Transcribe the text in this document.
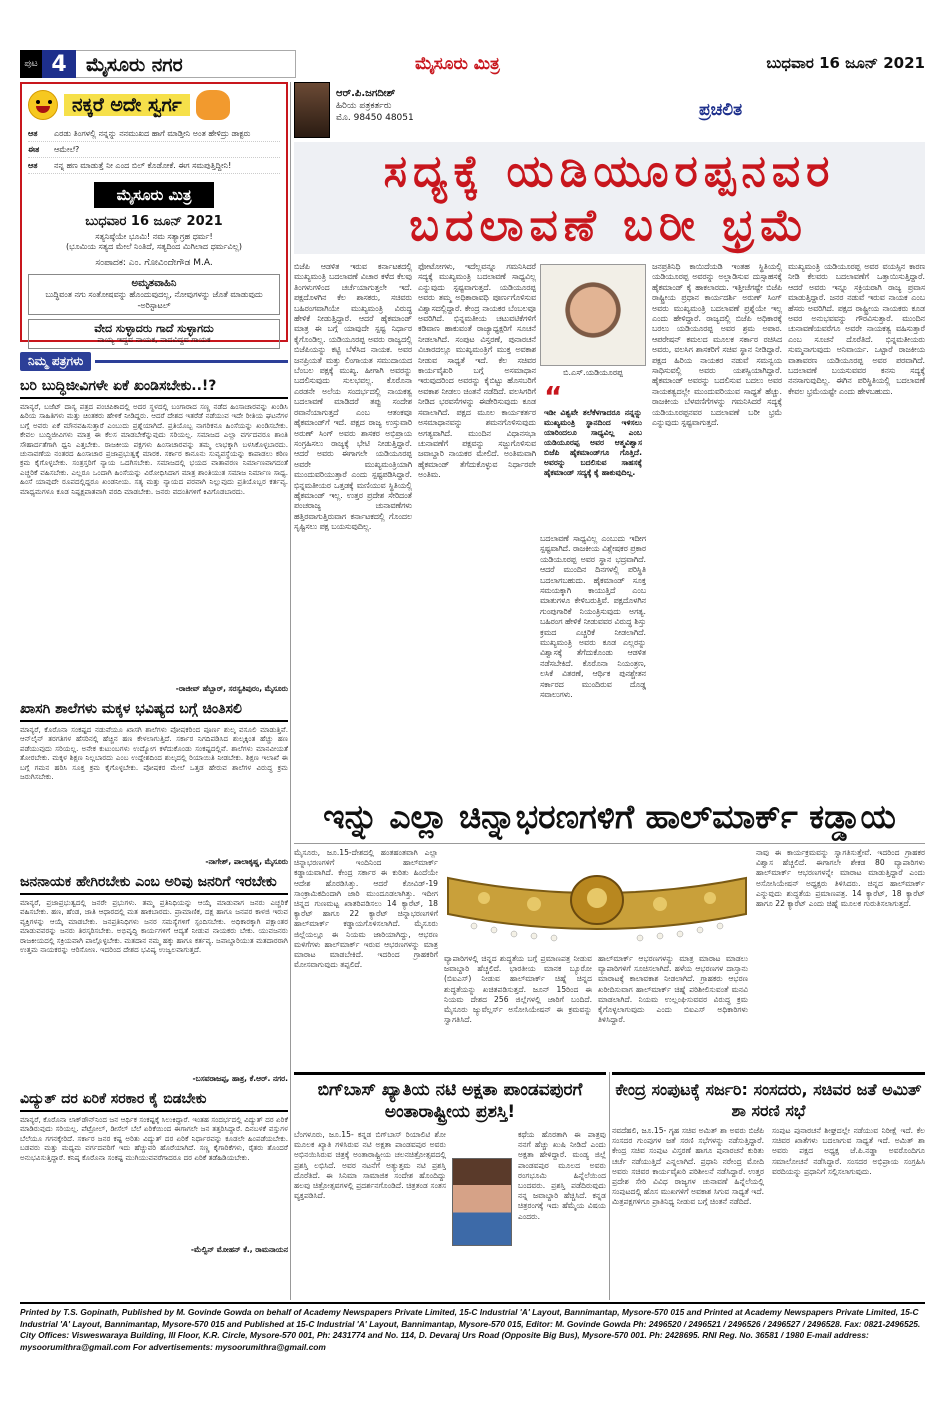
ಪುಟ 4	ಮೈಸೂರು ನಗರ	ಮೈಸೂರು ಮಿತ್ರ	ಬುಧವಾರ 16 ಜೂನ್ 2021
ನಕ್ಕರೆ ಅದೇ ಸ್ವರ್ಗ
ಆತ	ಎರಡು ತಿಂಗಳಲ್ಲಿ ನನ್ನನ್ನು ನನಮುಖದ ಹಾಗೆ ಮಾಡ್ತೀನಿ ಅಂತ ಹೇಳಿದ್ರು ಡಾಕ್ಟರು
ಈತ	ಆಮೇಲೆ?
ಆತ	ನನ್ನ ಹಣ ಮಾಡುತ್ತೆ ನೀ ಎಂದ ಬಿಲ್ ಕೊಡೋಕೆ. ಈಗ ಸಮಪುತ್ತಿದ್ದೀನಿ!
ಮೈಸೂರು ಮಿತ್ರ
ಬುಧವಾರ 16 ಜೂನ್ 2021
ಸತ್ಯನಿಷ್ಠೆಯೇ ಭೂಮಿ! ನಮ ಸತ್ಯಾಗ್ರಹ ಧರ್ಮ!
(ಭೂಮಿಯ ಸತ್ಯದ ಮೇಲೆ ನಿಂತಿದೆ, ಸತ್ಯದಿಂದ ಮಿಗಿಲಾದ ಧರ್ಮವಿಲ್ಲ)
ಸಂಪಾದಕ: ಎಂ. ಗೋವಿಂದೇಗೌಡ M.A.
ಅಮೃತವಾಹಿನಿ
ಬುದ್ಧಿವಂತ ನಗು ಸಂತೋಷವನ್ನು ಹೊಂದುವುದಲ್ಲ, ನೋವುಗಳನ್ನು ಜೊತೆ ಮಾಡುವುದು -ಅರಿಸ್ಟಾಟಲ್
ವೇದ ಸುಳ್ಳಾದರು ಗಾದೆ ಸುಳ್ಳಾಗದು
ನಾಯ್ಯ ಇದ್ದವ ನಾಯಕ, ನಾದವಿದ್ದವ ಗಾಯಕ
ನಿಮ್ಮ ಪತ್ರಗಳು
ಬರಿ ಬುದ್ಧಿಜೀವಿಗಳೇ ಏಕೆ ಖಂಡಿಸಬೇಕು..!?
ಮಾನ್ಯರೆ, ಬಜೆಟ್ ದಾಸ್ಯ ಪತ್ರದ ಪಂಚಪಿಕಾದಲ್ಲಿ ಅದರ ಸ್ಥಳದಲ್ಲಿ ಬಂಗಾರಾದ ಸಣ್ಣ ನಡೆದ ಹಿಂಸಾಚಾರವನ್ನು ಖಂಡಿಸಿ ಹಿರಿಯ ಸಾಹಿತಿಗಳು ಮತ್ತು ಚಿಂತಕರು ಹೇಳಿಕೆ ನೀಡಿದ್ದರು. ಆದರೆ ದೇಶದ ಇತರೆಡೆ ನಡೆಯುವ ಇದೇ ರೀತಿಯ ಘಟನೆಗಳ ಬಗ್ಗೆ ಅವರು ಏಕೆ ಮೌನವಹಿಸುತ್ತಾರೆ ಎಂಬುದು ಪ್ರಶ್ನೆಯಾಗಿದೆ. ಪ್ರತಿಯೊಬ್ಬ ನಾಗರಿಕನೂ ಹಿಂಸೆಯನ್ನು ಖಂಡಿಸಬೇಕು. ಕೇವಲ ಬುದ್ಧಿಜೀವಿಗಳು ಮಾತ್ರ ಈ ಕೆಲಸ ಮಾಡಬೇಕೆನ್ನುವುದು ಸರಿಯಲ್ಲ. ಸಮಾಜದ ಎಲ್ಲಾ ವರ್ಗದವರೂ ಶಾಂತಿ ಸೌಹಾರ್ದತೆಗಾಗಿ ಧ್ವನಿ ಎತ್ತಬೇಕು. ರಾಜಕೀಯ ಪಕ್ಷಗಳು ಹಿಂಸಾಚಾರವನ್ನು ತಮ್ಮ ಲಾಭಕ್ಕಾಗಿ ಬಳಸಿಕೊಳ್ಳಬಾರದು. ಚುನಾವಣೆಯ ನಂತರದ ಹಿಂಸಾಚಾರ ಪ್ರಜಾಪ್ರಭುತ್ವಕ್ಕೆ ಮಾರಕ. ಸರ್ಕಾರ ಕಾನೂನು ಸುವ್ಯವಸ್ಥೆಯನ್ನು ಕಾಪಾಡಲು ಕಠಿಣ ಕ್ರಮ ಕೈಗೊಳ್ಳಬೇಕು. ಸಂತ್ರಸ್ತರಿಗೆ ನ್ಯಾಯ ಒದಗಿಸಬೇಕು. ಸಮಾಜದಲ್ಲಿ ಭಯದ ವಾತಾವರಣ ನಿರ್ಮಾಣವಾಗದಂತೆ ಎಚ್ಚರಿಕೆ ವಹಿಸಬೇಕು. ಎಲ್ಲರೂ ಒಂದಾಗಿ ಹಿಂಸೆಯನ್ನು ವಿರೋಧಿಸಿದಾಗ ಮಾತ್ರ ಶಾಂತಿಯುತ ಸಮಾಜ ನಿರ್ಮಾಣ ಸಾಧ್ಯ. ಹಿಂಸೆ ಯಾವುದೇ ರೂಪದಲ್ಲಿದ್ದರೂ ಖಂಡನೀಯ. ಸತ್ಯ ಮತ್ತು ನ್ಯಾಯದ ಪರವಾಗಿ ನಿಲ್ಲುವುದು ಪ್ರತಿಯೊಬ್ಬರ ಕರ್ತವ್ಯ. ಮಾಧ್ಯಮಗಳೂ ಕೂಡ ನಿಷ್ಪಕ್ಷಪಾತವಾಗಿ ವರದಿ ಮಾಡಬೇಕು. ಜನರು ವದಂತಿಗಳಿಗೆ ಕಿವಿಗೊಡಬಾರದು.
-ರಾಜೀವ್ ಹೆಬ್ಬಾರ್, ಸರಸ್ವತಿಪುರಂ, ಮೈಸೂರು
ಖಾಸಗಿ ಶಾಲೆಗಳು ಮಕ್ಕಳ ಭವಿಷ್ಯದ ಬಗ್ಗೆ ಚಿಂತಿಸಲಿ
ಮಾನ್ಯರೆ, ಕೊರೊನಾ ಸಂಕಷ್ಟದ ನಡುವೆಯೂ ಖಾಸಗಿ ಶಾಲೆಗಳು ಪೋಷಕರಿಂದ ಪೂರ್ಣ ಶುಲ್ಕ ವಸೂಲಿ ಮಾಡುತ್ತಿವೆ. ಆನ್‌ಲೈನ್ ತರಗತಿಗಳ ಹೆಸರಿನಲ್ಲಿ ಹೆಚ್ಚಿನ ಹಣ ಕೇಳಲಾಗುತ್ತಿದೆ. ಸರ್ಕಾರ ನಿಗದಿಪಡಿಸಿದ ಶುಲ್ಕಕ್ಕಿಂತ ಹೆಚ್ಚು ಹಣ ಪಡೆಯುವುದು ಸರಿಯಲ್ಲ. ಅನೇಕ ಕುಟುಂಬಗಳು ಉದ್ಯೋಗ ಕಳೆದುಕೊಂಡು ಸಂಕಷ್ಟದಲ್ಲಿವೆ. ಶಾಲೆಗಳು ಮಾನವೀಯತೆ ತೋರಬೇಕು. ಮಕ್ಕಳ ಶಿಕ್ಷಣ ನಿಲ್ಲಬಾರದು ಎಂಬ ಉದ್ದೇಶದಿಂದ ಶುಲ್ಕದಲ್ಲಿ ರಿಯಾಯಿತಿ ನೀಡಬೇಕು. ಶಿಕ್ಷಣ ಇಲಾಖೆ ಈ ಬಗ್ಗೆ ಗಮನ ಹರಿಸಿ ಸೂಕ್ತ ಕ್ರಮ ಕೈಗೊಳ್ಳಬೇಕು. ಪೋಷಕರ ಮೇಲೆ ಒತ್ತಡ ಹೇರುವ ಶಾಲೆಗಳ ವಿರುದ್ಧ ಕ್ರಮ ಜರುಗಿಸಬೇಕು.
-ನಾಗೇಶ್, ಪಾಲಾಕೃಷ್ಣ, ಮೈಸೂರು
ಜನನಾಯಕ ಹೇಗಿರಬೇಕು ಎಂಬ ಅರಿವು ಜನರಿಗೆ ಇರಬೇಕು
ಮಾನ್ಯರೆ, ಪ್ರಜಾಪ್ರಭುತ್ವದಲ್ಲಿ ಜನರೇ ಪ್ರಭುಗಳು. ತಮ್ಮ ಪ್ರತಿನಿಧಿಯನ್ನು ಆಯ್ಕೆ ಮಾಡುವಾಗ ಜನರು ಎಚ್ಚರಿಕೆ ವಹಿಸಬೇಕು. ಹಣ, ಹೆಂಡ, ಜಾತಿ ಆಧಾರದಲ್ಲಿ ಮತ ಹಾಕಬಾರದು. ಪ್ರಾಮಾಣಿಕ, ದಕ್ಷ ಹಾಗೂ ಜನಪರ ಕಾಳಜಿ ಇರುವ ವ್ಯಕ್ತಿಗಳನ್ನು ಆಯ್ಕೆ ಮಾಡಬೇಕು. ಜನಪ್ರತಿನಿಧಿಗಳು ಜನರ ಸಮಸ್ಯೆಗಳಿಗೆ ಸ್ಪಂದಿಸಬೇಕು. ಅಧಿಕಾರಕ್ಕಾಗಿ ಪಕ್ಷಾಂತರ ಮಾಡುವವರನ್ನು ಜನರು ತಿರಸ್ಕರಿಸಬೇಕು. ಅಭಿವೃದ್ಧಿ ಕಾರ್ಯಗಳಿಗೆ ಆದ್ಯತೆ ನೀಡುವ ನಾಯಕರು ಬೇಕು. ಯುವಜನರು ರಾಜಕೀಯದಲ್ಲಿ ಸಕ್ರಿಯವಾಗಿ ಪಾಲ್ಗೊಳ್ಳಬೇಕು. ಮತದಾನ ನಮ್ಮ ಹಕ್ಕು ಹಾಗೂ ಕರ್ತವ್ಯ. ಜವಾಬ್ದಾರಿಯುತ ಮತದಾರರಾಗಿ ಉತ್ತಮ ನಾಯಕರನ್ನು ಆರಿಸೋಣ. ಇದರಿಂದ ದೇಶದ ಭವಿಷ್ಯ ಉಜ್ವಲವಾಗುತ್ತದೆ.
-ಬಸವರಾಜಪ್ಪ, ಹಾತ್ರ, ಕೆ.ಆರ್. ನಗರ.
ವಿದ್ಯುತ್ ದರ ಏರಿಕೆ ಸರಕಾರ ಕೈ ಬಿಡಬೇಕು
ಮಾನ್ಯರೆ, ಕೊರೊನಾ ಲಾಕ್‌ಡೌನ್‌ನಿಂದ ಜನ ಆರ್ಥಿಕ ಸಂಕಷ್ಟಕ್ಕೆ ಸಿಲುಕಿದ್ದಾರೆ. ಇಂತಹ ಸಂದರ್ಭದಲ್ಲಿ ವಿದ್ಯುತ್ ದರ ಏರಿಕೆ ಮಾಡಿರುವುದು ಸರಿಯಲ್ಲ. ಪೆಟ್ರೋಲ್, ಡೀಸೆಲ್ ಬೆಲೆ ಏರಿಕೆಯಿಂದ ಈಗಾಗಲೇ ಜನ ತತ್ತರಿಸಿದ್ದಾರೆ. ದಿನಬಳಕೆ ವಸ್ತುಗಳ ಬೆಲೆಯೂ ಗಗನಕ್ಕೇರಿದೆ. ಸರ್ಕಾರ ಜನರ ಕಷ್ಟ ಅರಿತು ವಿದ್ಯುತ್ ದರ ಏರಿಕೆ ನಿರ್ಧಾರವನ್ನು ಕೂಡಲೇ ಹಿಂಪಡೆಯಬೇಕು. ಬಡವರು ಮತ್ತು ಮಧ್ಯಮ ವರ್ಗದವರಿಗೆ ಇದು ಹೆಚ್ಚುವರಿ ಹೊರೆಯಾಗಿದೆ. ಸಣ್ಣ ಕೈಗಾರಿಕೆಗಳು, ರೈತರು ತೊಂದರೆ ಅನುಭವಿಸುತ್ತಿದ್ದಾರೆ. ಕನಿಷ್ಠ ಕೊರೊನಾ ಸಂಕಷ್ಟ ಮುಗಿಯುವವರೆಗಾದರೂ ದರ ಏರಿಕೆ ತಡೆಹಿಡಿಯಬೇಕು.
-ಮೆಲ್ವಿನ್ ಮೋಹನ್ ಕೆ., ರಾಮನಾಯನ
ಆರ್.ಪಿ.ಜಗದೀಶ್
ಹಿರಿಯ ಪತ್ರಕರ್ತರು
ಮೊ. 98450 48051	ಪ್ರಚಲಿತ
ಸದ್ಯಕ್ಕೆ ಯಡಿಯೂರಪ್ಪನವರ
ಬದಲಾವಣೆ ಬರೀ ಭ್ರಮೆ
ಬಿಜೆಪಿ ಆಡಳಿತ ಇರುವ ಕರ್ನಾಟಕದಲ್ಲಿ ಮುಖ್ಯಮಂತ್ರಿ ಬದಲಾವಣೆ ವಿಚಾರ ಕಳೆದ ಕೆಲವು ತಿಂಗಳುಗಳಿಂದ ಚರ್ಚೆಯಾಗುತ್ತಲೇ ಇದೆ. ಪಕ್ಷದೊಳಗಿನ ಕೆಲ ಶಾಸಕರು, ಸಚಿವರು ಬಹಿರಂಗವಾಗಿಯೇ ಮುಖ್ಯಮಂತ್ರಿ ವಿರುದ್ಧ ಹೇಳಿಕೆ ನೀಡುತ್ತಿದ್ದಾರೆ. ಆದರೆ ಹೈಕಮಾಂಡ್ ಮಾತ್ರ ಈ ಬಗ್ಗೆ ಯಾವುದೇ ಸ್ಪಷ್ಟ ನಿರ್ಧಾರ ಕೈಗೊಂಡಿಲ್ಲ. ಯಡಿಯೂರಪ್ಪ ಅವರು ರಾಜ್ಯದಲ್ಲಿ ಬಿಜೆಪಿಯನ್ನು ಕಟ್ಟಿ ಬೆಳೆಸಿದ ನಾಯಕ. ಅವರ ಜನಪ್ರಿಯತೆ ಮತ್ತು ಲಿಂಗಾಯತ ಸಮುದಾಯದ ಬೆಂಬಲ ಪಕ್ಷಕ್ಕೆ ಮುಖ್ಯ. ಹೀಗಾಗಿ ಅವರನ್ನು ಬದಲಿಸುವುದು ಸುಲಭವಲ್ಲ. ಕೊರೊನಾ ಎರಡನೇ ಅಲೆಯ ಸಂದರ್ಭದಲ್ಲಿ ನಾಯಕತ್ವ ಬದಲಾವಣೆ ಮಾಡಿದರೆ ತಪ್ಪು ಸಂದೇಶ ರವಾನೆಯಾಗುತ್ತದೆ ಎಂಬ ಆತಂಕವೂ ಹೈಕಮಾಂಡ್‌ಗೆ ಇದೆ. ಪಕ್ಷದ ರಾಜ್ಯ ಉಸ್ತುವಾರಿ ಅರುಣ್ ಸಿಂಗ್ ಅವರು ಶಾಸಕರ ಅಭಿಪ್ರಾಯ ಸಂಗ್ರಹಿಸಲು ರಾಜ್ಯಕ್ಕೆ ಭೇಟಿ ನೀಡುತ್ತಿದ್ದಾರೆ. ಆದರೆ ಅವರು ಈಗಾಗಲೇ ಯಡಿಯೂರಪ್ಪ ಅವರೇ ಮುಖ್ಯಮಂತ್ರಿಯಾಗಿ ಮುಂದುವರಿಯುತ್ತಾರೆ ಎಂದು ಸ್ಪಷ್ಟಪಡಿಸಿದ್ದಾರೆ. ಭಿನ್ನಮತೀಯರ ಒತ್ತಡಕ್ಕೆ ಮಣಿಯುವ ಸ್ಥಿತಿಯಲ್ಲಿ ಹೈಕಮಾಂಡ್ ಇಲ್ಲ. ಉತ್ತರ ಪ್ರದೇಶ ಸೇರಿದಂತೆ ಪಂಚರಾಜ್ಯ ಚುನಾವಣೆಗಳು ಹತ್ತಿರವಾಗುತ್ತಿರುವಾಗ ಕರ್ನಾಟಕದಲ್ಲಿ ಗೊಂದಲ ಸೃಷ್ಟಿಸಲು ಪಕ್ಷ ಬಯಸುವುದಿಲ್ಲ.
ಫೋಟೋಗಳು, ಇದೆಲ್ಲವನ್ನೂ ಗಮನಿಸಿದರೆ ಸದ್ಯಕ್ಕೆ ಮುಖ್ಯಮಂತ್ರಿ ಬದಲಾವಣೆ ಸಾಧ್ಯವಿಲ್ಲ ಎನ್ನುವುದು ಸ್ಪಷ್ಟವಾಗುತ್ತದೆ. ಯಡಿಯೂರಪ್ಪ ಅವರು ತಮ್ಮ ಅಧಿಕಾರಾವಧಿ ಪೂರ್ಣಗೊಳಿಸುವ ವಿಶ್ವಾಸದಲ್ಲಿದ್ದಾರೆ. ಕೇಂದ್ರ ನಾಯಕರ ಬೆಂಬಲವೂ ಅವರಿಗಿದೆ. ಭಿನ್ನಮತೀಯ ಚಟುವಟಿಕೆಗಳಿಗೆ ಕಡಿವಾಣ ಹಾಕುವಂತೆ ರಾಜ್ಯಾಧ್ಯಕ್ಷರಿಗೆ ಸೂಚನೆ ನೀಡಲಾಗಿದೆ. ಸಂಪುಟ ವಿಸ್ತರಣೆ, ಪುನಾರಚನೆ ವಿಚಾರದಲ್ಲೂ ಮುಖ್ಯಮಂತ್ರಿಗೆ ಮುಕ್ತ ಅವಕಾಶ ನೀಡುವ ಸಾಧ್ಯತೆ ಇದೆ. ಕೆಲ ಸಚಿವರ ಕಾರ್ಯವೈಖರಿ ಬಗ್ಗೆ ಅಸಮಾಧಾನ ಇರುವುದರಿಂದ ಅವರನ್ನು ಕೈಬಿಟ್ಟು ಹೊಸಬರಿಗೆ ಅವಕಾಶ ನೀಡಲು ಚಿಂತನೆ ನಡೆದಿದೆ. ವಲಸಿಗರಿಗೆ ನೀಡಿದ ಭರವಸೆಗಳನ್ನು ಈಡೇರಿಸುವುದು ಕೂಡ ಸವಾಲಾಗಿದೆ. ಪಕ್ಷದ ಮೂಲ ಕಾರ್ಯಕರ್ತರ ಅಸಮಾಧಾನವನ್ನು ಶಮನಗೊಳಿಸುವುದು ಅಗತ್ಯವಾಗಿದೆ. ಮುಂದಿನ ವಿಧಾನಸಭಾ ಚುನಾವಣೆಗೆ ಪಕ್ಷವನ್ನು ಸಜ್ಜುಗೊಳಿಸುವ ಜವಾಬ್ದಾರಿ ನಾಯಕರ ಮೇಲಿದೆ. ಅಂತಿಮವಾಗಿ ಹೈಕಮಾಂಡ್ ತೆಗೆದುಕೊಳ್ಳುವ ನಿರ್ಧಾರವೇ ಅಂತಿಮ.
ಬಿ.ಎಸ್.ಯಡಿಯೂರಪ್ಪ
“
ಇಡೀ ವಿಶ್ವವೇ ತಲೆಕೆಳಗಾದರೂ ನನ್ನನ್ನು ಮುಖ್ಯಮಂತ್ರಿ ಸ್ಥಾನದಿಂದ ಇಳಿಸಲು ಯಾರಿಂದಲೂ ಸಾಧ್ಯವಿಲ್ಲ ಎಂಬ ಯಡಿಯೂರಪ್ಪ ಅವರ ಆತ್ಮವಿಶ್ವಾಸ ಬಿಜೆಪಿ ಹೈಕಮಾಂಡ್‌ಗೂ ಗೊತ್ತಿದೆ. ಅವರನ್ನು ಬದಲಿಸುವ ಸಾಹಸಕ್ಕೆ ಹೈಕಮಾಂಡ್ ಸದ್ಯಕ್ಕೆ ಕೈ ಹಾಕುವುದಿಲ್ಲ.
ಬದಲಾವಣೆ ಸಾಧ್ಯವಿಲ್ಲ ಎಂಬುದು ಇದೀಗ ಸ್ಪಷ್ಟವಾಗಿದೆ. ರಾಜಕೀಯ ವಿಶ್ಲೇಷಕರ ಪ್ರಕಾರ ಯಡಿಯೂರಪ್ಪ ಅವರ ಸ್ಥಾನ ಭದ್ರವಾಗಿದೆ. ಆದರೆ ಮುಂದಿನ ದಿನಗಳಲ್ಲಿ ಪರಿಸ್ಥಿತಿ ಬದಲಾಗಬಹುದು. ಹೈಕಮಾಂಡ್ ಸೂಕ್ತ ಸಮಯಕ್ಕಾಗಿ ಕಾಯುತ್ತಿದೆ ಎಂಬ ಮಾತುಗಳೂ ಕೇಳಿಬರುತ್ತಿವೆ. ಪಕ್ಷದೊಳಗಿನ ಗುಂಪುಗಾರಿಕೆ ನಿಯಂತ್ರಿಸುವುದು ಅಗತ್ಯ. ಬಹಿರಂಗ ಹೇಳಿಕೆ ನೀಡುವವರ ವಿರುದ್ಧ ಶಿಸ್ತು ಕ್ರಮದ ಎಚ್ಚರಿಕೆ ನೀಡಲಾಗಿದೆ. ಮುಖ್ಯಮಂತ್ರಿ ಅವರು ಕೂಡ ಎಲ್ಲರನ್ನು ವಿಶ್ವಾಸಕ್ಕೆ ತೆಗೆದುಕೊಂಡು ಆಡಳಿತ ನಡೆಸಬೇಕಿದೆ. ಕೊರೊನಾ ನಿಯಂತ್ರಣ, ಲಸಿಕೆ ವಿತರಣೆ, ಆರ್ಥಿಕ ಪುನಶ್ಚೇತನ ಸರ್ಕಾರದ ಮುಂದಿರುವ ದೊಡ್ಡ ಸವಾಲುಗಳು.
ಜನಪ್ರತಿನಿಧಿ ಕಾಯಿದೆಯಡಿ ಇಂತಹ ಸ್ಥಿತಿಯಲ್ಲಿ ಯಡಿಯೂರಪ್ಪ ಅವರನ್ನು ಅಲ್ಲಾಡಿಸುವ ದುಸ್ಸಾಹಸಕ್ಕೆ ಹೈಕಮಾಂಡ್ ಕೈ ಹಾಕಲಾರದು. ಇತ್ತೀಚೆಗಷ್ಟೇ ಬಿಜೆಪಿ ರಾಷ್ಟ್ರೀಯ ಪ್ರಧಾನ ಕಾರ್ಯದರ್ಶಿ ಅರುಣ್ ಸಿಂಗ್ ಅವರು ಮುಖ್ಯಮಂತ್ರಿ ಬದಲಾವಣೆ ಪ್ರಶ್ನೆಯೇ ಇಲ್ಲ ಎಂದು ಹೇಳಿದ್ದಾರೆ. ರಾಜ್ಯದಲ್ಲಿ ಬಿಜೆಪಿ ಅಧಿಕಾರಕ್ಕೆ ಬರಲು ಯಡಿಯೂರಪ್ಪ ಅವರ ಶ್ರಮ ಅಪಾರ. ಆಪರೇಷನ್ ಕಮಲದ ಮೂಲಕ ಸರ್ಕಾರ ರಚಿಸಿದ ಅವರು, ವಲಸಿಗ ಶಾಸಕರಿಗೆ ಸಚಿವ ಸ್ಥಾನ ನೀಡಿದ್ದಾರೆ. ಪಕ್ಷದ ಹಿರಿಯ ನಾಯಕರ ನಡುವೆ ಸಮನ್ವಯ ಸಾಧಿಸುವಲ್ಲಿ ಅವರು ಯಶಸ್ವಿಯಾಗಿದ್ದಾರೆ. ಹೈಕಮಾಂಡ್ ಅವರನ್ನು ಬದಲಿಸುವ ಬದಲು ಅವರ ನಾಯಕತ್ವದಲ್ಲೇ ಮುಂದುವರಿಯುವ ಸಾಧ್ಯತೆ ಹೆಚ್ಚು. ರಾಜಕೀಯ ಬೆಳವಣಿಗೆಗಳನ್ನು ಗಮನಿಸಿದರೆ ಸದ್ಯಕ್ಕೆ ಯಡಿಯೂರಪ್ಪನವರ ಬದಲಾವಣೆ ಬರೀ ಭ್ರಮೆ ಎನ್ನುವುದು ಸ್ಪಷ್ಟವಾಗುತ್ತದೆ.
ಮುಖ್ಯಮಂತ್ರಿ ಯಡಿಯೂರಪ್ಪ ಅವರ ವಯಸ್ಸಿನ ಕಾರಣ ನೀಡಿ ಕೆಲವರು ಬದಲಾವಣೆಗೆ ಒತ್ತಾಯಿಸುತ್ತಿದ್ದಾರೆ. ಆದರೆ ಅವರು ಇನ್ನೂ ಸಕ್ರಿಯರಾಗಿ ರಾಜ್ಯ ಪ್ರವಾಸ ಮಾಡುತ್ತಿದ್ದಾರೆ. ಜನರ ನಡುವೆ ಇರುವ ನಾಯಕ ಎಂಬ ಹೆಸರು ಅವರಿಗಿದೆ. ಪಕ್ಷದ ರಾಷ್ಟ್ರೀಯ ನಾಯಕರು ಕೂಡ ಅವರ ಅನುಭವವನ್ನು ಗೌರವಿಸುತ್ತಾರೆ. ಮುಂದಿನ ಚುನಾವಣೆಯವರೆಗೂ ಅವರೇ ನಾಯಕತ್ವ ವಹಿಸುತ್ತಾರೆ ಎಂಬ ಸೂಚನೆ ದೊರೆತಿದೆ. ಭಿನ್ನಮತೀಯರು ಸುಮ್ಮನಾಗುವುದು ಅನಿವಾರ್ಯ. ಒಟ್ಟಾರೆ ರಾಜಕೀಯ ವಾತಾವರಣ ಯಡಿಯೂರಪ್ಪ ಅವರ ಪರವಾಗಿದೆ. ಬದಲಾವಣೆ ಬಯಸುವವರ ಕನಸು ಸದ್ಯಕ್ಕೆ ನನಸಾಗುವುದಿಲ್ಲ. ಈಗಿನ ಪರಿಸ್ಥಿತಿಯಲ್ಲಿ ಬದಲಾವಣೆ ಕೇವಲ ಭ್ರಮೆಯಷ್ಟೇ ಎಂದು ಹೇಳಬಹುದು.
ಇನ್ನು ಎಲ್ಲಾ ಚಿನ್ನಾಭರಣಗಳಿಗೆ ಹಾಲ್‌ಮಾರ್ಕ್ ಕಡ್ಡಾಯ
ಮೈಸೂರು, ಜೂ.15-ದೇಶದಲ್ಲಿ ಹಂತಹಂತವಾಗಿ ಎಲ್ಲಾ ಚಿನ್ನಾಭರಣಗಳಿಗೆ ಇಂದಿನಿಂದ ಹಾಲ್‌ಮಾರ್ಕ್ ಕಡ್ಡಾಯವಾಗಿದೆ. ಕೇಂದ್ರ ಸರ್ಕಾರ ಈ ಕುರಿತು ಹಿಂದೆಯೇ ಆದೇಶ ಹೊರಡಿಸಿತ್ತು. ಆದರೆ ಕೋವಿಡ್-19 ಸಾಂಕ್ರಾಮಿಕದಿಂದಾಗಿ ಜಾರಿ ಮುಂದೂಡಲಾಗಿತ್ತು. ಇದೀಗ ಚಿನ್ನದ ಗುಣಮಟ್ಟ ಖಾತರಿಪಡಿಸಲು 14 ಕ್ಯಾರೆಟ್, 18 ಕ್ಯಾರೆಟ್ ಹಾಗೂ 22 ಕ್ಯಾರೆಟ್ ಚಿನ್ನಾಭರಣಗಳಿಗೆ ಹಾಲ್‌ಮಾರ್ಕ್ ಕಡ್ಡಾಯಗೊಳಿಸಲಾಗಿದೆ. ಮೈಸೂರು ಜಿಲ್ಲೆಯಲ್ಲೂ ಈ ನಿಯಮ ಜಾರಿಯಾಗಿದ್ದು, ಆಭರಣ ಮಳಿಗೆಗಳು ಹಾಲ್‌ಮಾರ್ಕ್ ಇರುವ ಆಭರಣಗಳನ್ನು ಮಾತ್ರ ಮಾರಾಟ ಮಾಡಬೇಕಿದೆ. ಇದರಿಂದ ಗ್ರಾಹಕರಿಗೆ ಮೋಸವಾಗುವುದು ತಪ್ಪಲಿದೆ.
ವ್ಯಾಪಾರಿಗಳಲ್ಲಿ ಚಿನ್ನದ ಶುದ್ಧತೆಯ ಬಗ್ಗೆ ಪ್ರಮಾಣಪತ್ರ ನೀಡುವ ಜವಾಬ್ದಾರಿ ಹೆಚ್ಚಲಿದೆ. ಭಾರತೀಯ ಮಾನಕ ಬ್ಯೂರೋ (ಬಿಐಎಸ್) ನೀಡುವ ಹಾಲ್‌ಮಾರ್ಕ್ ಚಿಹ್ನೆ ಚಿನ್ನದ ಶುದ್ಧತೆಯನ್ನು ಖಚಿತಪಡಿಸುತ್ತದೆ. ಜೂನ್ 15ರಿಂದ ಈ ನಿಯಮ ದೇಶದ 256 ಜಿಲ್ಲೆಗಳಲ್ಲಿ ಜಾರಿಗೆ ಬಂದಿದೆ. ಮೈಸೂರು ಜ್ಯುವೆಲ್ಲರ್ಸ್ ಅಸೋಸಿಯೇಷನ್ ಈ ಕ್ರಮವನ್ನು ಸ್ವಾಗತಿಸಿದೆ.
ಹಾಲ್‌ಮಾರ್ಕ್ ಆಭರಣಗಳನ್ನು ಮಾತ್ರ ಮಾರಾಟ ಮಾಡಲು ವ್ಯಾಪಾರಿಗಳಿಗೆ ಸೂಚಿಸಲಾಗಿದೆ. ಹಳೆಯ ಆಭರಣಗಳ ದಾಸ್ತಾನು ಮಾರಾಟಕ್ಕೆ ಕಾಲಾವಕಾಶ ನೀಡಲಾಗಿದೆ. ಗ್ರಾಹಕರು ಆಭರಣ ಖರೀದಿಸುವಾಗ ಹಾಲ್‌ಮಾರ್ಕ್ ಚಿಹ್ನೆ ಪರಿಶೀಲಿಸುವಂತೆ ಮನವಿ ಮಾಡಲಾಗಿದೆ. ನಿಯಮ ಉಲ್ಲಂಘಿಸುವವರ ವಿರುದ್ಧ ಕ್ರಮ ಕೈಗೊಳ್ಳಲಾಗುವುದು ಎಂದು ಬಿಐಎಸ್ ಅಧಿಕಾರಿಗಳು ತಿಳಿಸಿದ್ದಾರೆ.
ನಾವು ಈ ಕಾರ್ಯಕ್ರಮವನ್ನು ಸ್ವಾಗತಿಸುತ್ತೇವೆ. ಇದರಿಂದ ಗ್ರಾಹಕರ ವಿಶ್ವಾಸ ಹೆಚ್ಚಲಿದೆ. ಈಗಾಗಲೇ ಶೇಕಡ 80 ವ್ಯಾಪಾರಿಗಳು ಹಾಲ್‌ಮಾರ್ಕ್ ಆಭರಣಗಳನ್ನೇ ಮಾರಾಟ ಮಾಡುತ್ತಿದ್ದಾರೆ ಎಂದು ಅಸೋಸಿಯೇಷನ್ ಅಧ್ಯಕ್ಷರು ತಿಳಿಸಿದರು. ಚಿನ್ನದ ಹಾಲ್‌ಮಾರ್ಕ್ ಎನ್ನುವುದು ಶುದ್ಧತೆಯ ಪ್ರಮಾಣಪತ್ರ. 14 ಕ್ಯಾರೆಟ್, 18 ಕ್ಯಾರೆಟ್ ಹಾಗೂ 22 ಕ್ಯಾರೆಟ್ ಎಂದು ಚಿಹ್ನೆ ಮೂಲಕ ಗುರುತಿಸಲಾಗುತ್ತದೆ.
ಬಿಗ್‌ಬಾಸ್ ಖ್ಯಾತಿಯ ನಟಿ ಅಕ್ಷತಾ ಪಾಂಡವಪುರಗೆ ಅಂತಾರಾಷ್ಟ್ರೀಯ ಪ್ರಶಸ್ತಿ!
ಬೆಂಗಳೂರು, ಜೂ.15- ಕನ್ನಡ ಬಿಗ್‌ಬಾಸ್ ರಿಯಾಲಿಟಿ ಶೋ ಮೂಲಕ ಖ್ಯಾತಿ ಗಳಿಸಿರುವ ನಟಿ ಅಕ್ಷತಾ ಪಾಂಡವಪುರ ಅವರು ಅಭಿನಯಿಸಿರುವ ಚಿತ್ರಕ್ಕೆ ಅಂತಾರಾಷ್ಟ್ರೀಯ ಚಲನಚಿತ್ರೋತ್ಸವದಲ್ಲಿ ಪ್ರಶಸ್ತಿ ಲಭಿಸಿದೆ. ಅವರ ನಟನೆಗೆ ಅತ್ಯುತ್ತಮ ನಟಿ ಪ್ರಶಸ್ತಿ ದೊರೆತಿದೆ. ಈ ಸಿನಿಮಾ ಸಾಮಾಜಿಕ ಸಂದೇಶ ಹೊಂದಿದ್ದು ಹಲವು ಚಿತ್ರೋತ್ಸವಗಳಲ್ಲಿ ಪ್ರದರ್ಶನಗೊಂಡಿದೆ. ಚಿತ್ರತಂಡ ಸಂತಸ ವ್ಯಕ್ತಪಡಿಸಿದೆ.
ಕಥೆಯ ಹೊರತಾಗಿ ಈ ಪಾತ್ರವು ನನಗೆ ಹೆಚ್ಚು ಖುಷಿ ನೀಡಿದೆ ಎಂದು ಅಕ್ಷತಾ ಹೇಳಿದ್ದಾರೆ. ಮಂಡ್ಯ ಜಿಲ್ಲೆ ಪಾಂಡವಪುರ ಮೂಲದ ಅವರು ರಂಗಭೂಮಿ ಹಿನ್ನೆಲೆಯಿಂದ ಬಂದವರು. ಪ್ರಶಸ್ತಿ ಪಡೆದಿರುವುದು ನನ್ನ ಜವಾಬ್ದಾರಿ ಹೆಚ್ಚಿಸಿದೆ. ಕನ್ನಡ ಚಿತ್ರರಂಗಕ್ಕೆ ಇದು ಹೆಮ್ಮೆಯ ವಿಷಯ ಎಂದರು.
ಕೇಂದ್ರ ಸಂಪುಟಕ್ಕೆ ಸರ್ಜರಿ: ಸಂಸದರು, ಸಚಿವರ ಜತೆ ಅಮಿತ್ ಶಾ ಸರಣಿ ಸಭೆ
ನವದೆಹಲಿ, ಜೂ.15- ಗೃಹ ಸಚಿವ ಅಮಿತ್ ಶಾ ಅವರು ಬಿಜೆಪಿ ಸಂಸದರ ಗುಂಪುಗಳ ಜತೆ ಸರಣಿ ಸಭೆಗಳನ್ನು ನಡೆಸುತ್ತಿದ್ದಾರೆ. ಕೇಂದ್ರ ಸಚಿವ ಸಂಪುಟ ವಿಸ್ತರಣೆ ಹಾಗೂ ಪುನಾರಚನೆ ಕುರಿತು ಚರ್ಚೆ ನಡೆಯುತ್ತಿದೆ ಎನ್ನಲಾಗಿದೆ. ಪ್ರಧಾನಿ ನರೇಂದ್ರ ಮೋದಿ ಅವರು ಸಚಿವರ ಕಾರ್ಯವೈಖರಿ ಪರಿಶೀಲನೆ ನಡೆಸಿದ್ದಾರೆ. ಉತ್ತರ ಪ್ರದೇಶ ಸೇರಿ ವಿವಿಧ ರಾಜ್ಯಗಳ ಚುನಾವಣೆ ಹಿನ್ನೆಲೆಯಲ್ಲಿ ಸಂಪುಟದಲ್ಲಿ ಹೊಸ ಮುಖಗಳಿಗೆ ಅವಕಾಶ ಸಿಗುವ ಸಾಧ್ಯತೆ ಇದೆ. ಮಿತ್ರಪಕ್ಷಗಳಿಗೂ ಪ್ರಾತಿನಿಧ್ಯ ನೀಡುವ ಬಗ್ಗೆ ಚಿಂತನೆ ನಡೆದಿದೆ.
ಸಂಪುಟ ಪುನಾರಚನೆ ಶೀಘ್ರದಲ್ಲೇ ನಡೆಯುವ ನಿರೀಕ್ಷೆ ಇದೆ. ಕೆಲ ಸಚಿವರ ಖಾತೆಗಳು ಬದಲಾಗುವ ಸಾಧ್ಯತೆ ಇದೆ. ಅಮಿತ್ ಶಾ ಅವರು ಪಕ್ಷದ ಅಧ್ಯಕ್ಷ ಜೆ.ಪಿ.ನಡ್ಡಾ ಅವರೊಂದಿಗೂ ಸಮಾಲೋಚನೆ ನಡೆಸಿದ್ದಾರೆ. ಸಂಸದರ ಅಭಿಪ್ರಾಯ ಸಂಗ್ರಹಿಸಿ ವರದಿಯನ್ನು ಪ್ರಧಾನಿಗೆ ಸಲ್ಲಿಸಲಾಗುವುದು.
Printed by T.S. Gopinath, Published by M. Govinde Gowda on behalf of Academy Newspapers Private Limited, 15-C Industrial 'A' Layout, Bannimantap, Mysore-570 015 and Printed at Academy Newspapers Private Limited, 15-C Industrial 'A' Layout, Bannimantap, Mysore-570 015 and Published at 15-C Industrial 'A' Layout, Bannimantap, Mysore-570 015, Editor: M. Govinde Gowda Ph: 2496520 / 2496521 / 2496526 / 2496527 / 2496528. Fax: 0821-2496525. City Offices: Visweswaraya Building, III Floor, K.R. Circle, Mysore-570 001, Ph: 2431774 and No. 114, D. Devaraj Urs Road (Opposite Big Bus), Mysore-570 001. Ph: 2428695. RNI Reg. No. 36581 / 1980 E-mail address: mysoorumithra@gmail.com For advertisements: mysoorumithra@gmail.com
